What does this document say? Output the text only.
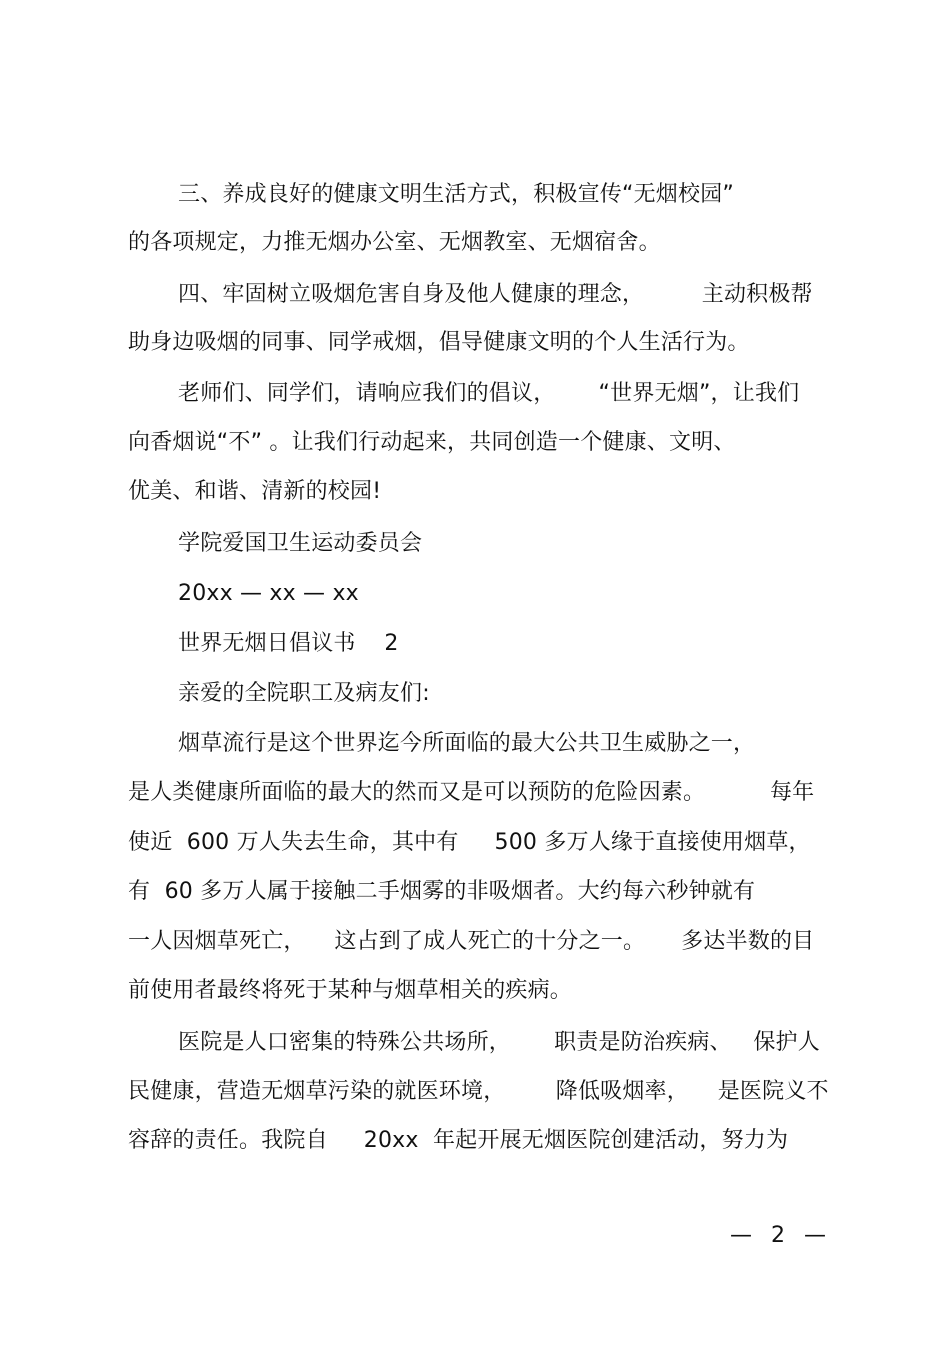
三、养成良好的健康文明生活方式，积极宣传“无烟校园”
的各项规定，力推无烟办公室、无烟教室、无烟宿舍。
四、牢固树立吸烟危害自身及他人健康的理念，        主动积极帮
助身边吸烟的同事、同学戒烟，倡导健康文明的个人生活行为。
老师们、同学们，请响应我们的倡议，      “世界无烟”，让我们
向香烟说“不” 。让我们行动起来，共同创造一个健康、文明、
优美、和谐、清新的校园!
学院爱国卫生运动委员会
20xx — xx — xx
世界无烟日倡议书    2
亲爱的全院职工及病友们:
烟草流行是这个世界迄今所面临的最大公共卫生威胁之一，
是人类健康所面临的最大的然而又是可以预防的危险因素。         每年
使近  600 万人失去生命，其中有     500 多万人缘于直接使用烟草，
有  60 多万人属于接触二手烟雾的非吸烟者。大约每六秒钟就有
一人因烟草死亡，    这占到了成人死亡的十分之一。     多达半数的目
前使用者最终将死于某种与烟草相关的疾病。
医院是人口密集的特殊公共场所，      职责是防治疾病、   保护人
民健康，营造无烟草污染的就医环境，       降低吸烟率，    是医院义不
容辞的责任。我院自     20xx  年起开展无烟医院创建活动，努力为
— 2 —
